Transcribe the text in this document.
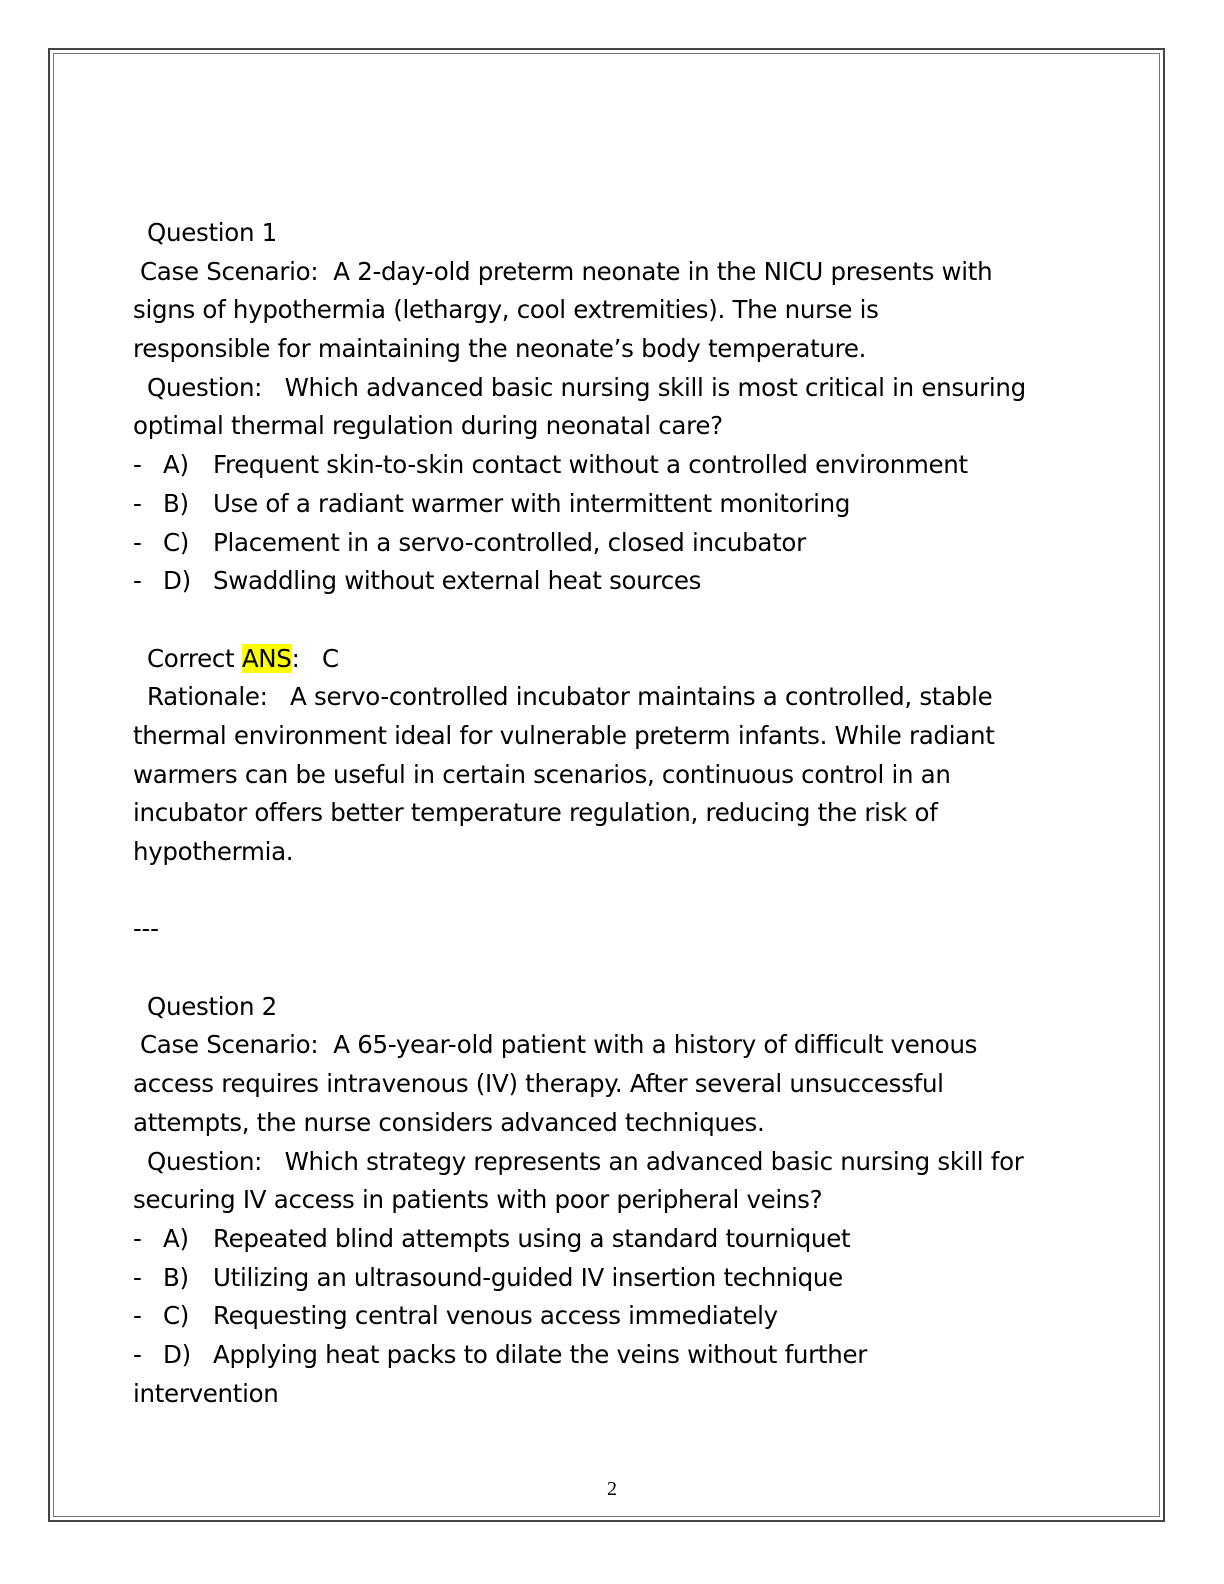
Question 1
Case Scenario:  A 2-day-old preterm neonate in the NICU presents with
signs of hypothermia (lethargy, cool extremities). The nurse is
responsible for maintaining the neonate’s body temperature.
Question:   Which advanced basic nursing skill is most critical in ensuring
optimal thermal regulation during neonatal care?
- A) Frequent skin-to-skin contact without a controlled environment
- B) Use of a radiant warmer with intermittent monitoring
- C) Placement in a servo-controlled, closed incubator
- D) Swaddling without external heat sources
Correct ANS:   C
Rationale:   A servo-controlled incubator maintains a controlled, stable
thermal environment ideal for vulnerable preterm infants. While radiant
warmers can be useful in certain scenarios, continuous control in an
incubator offers better temperature regulation, reducing the risk of
hypothermia.
---
Question 2
Case Scenario:  A 65-year-old patient with a history of difficult venous
access requires intravenous (IV) therapy. After several unsuccessful
attempts, the nurse considers advanced techniques.
Question:   Which strategy represents an advanced basic nursing skill for
securing IV access in patients with poor peripheral veins?
- A) Repeated blind attempts using a standard tourniquet
- B) Utilizing an ultrasound-guided IV insertion technique
- C) Requesting central venous access immediately
- D) Applying heat packs to dilate the veins without further
intervention
2
